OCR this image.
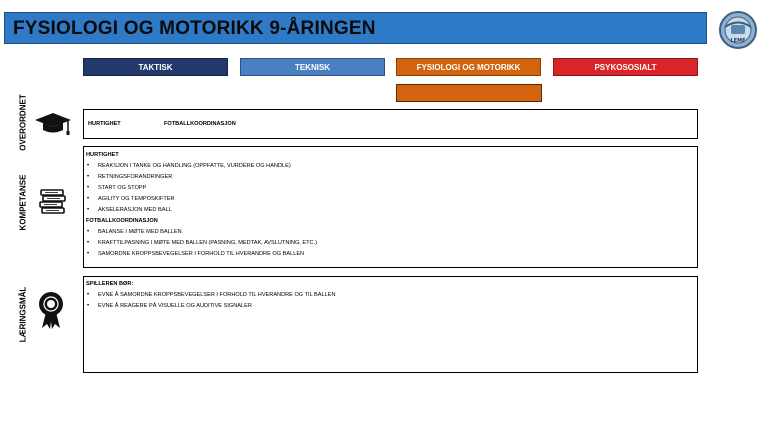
FYSIOLOGI OG MOTORIKK 9-ÅRINGEN
LEMF
TAKTISK	TEKNISK	FYSIOLOGI OG MOTORIKK	PSYKOSOSIALT
OVERORDNET
KOMPETANSE
LÆRINGSMÅL
HURTIGHET	FOTBALLKOORDINASJON
HURTIGHET
• REAKSJON I TANKE OG HANDLING (OPPFATTE, VURDERE OG HANDLE)
• RETNINGSFORANDRINGER
• START OG STOPP
• AGILITY OG TEMPOSKIFTER
• AKSELERASJON MED BALL
FOTBALLKOORDINASJON
• BALANSE I MØTE MED BALLEN
• KRAFTTILPASNING I MØTE MED BALLEN (PASNING, MEDTAK, AVSLUTNING, ETC.)
• SAMORDNE KROPPSBEVEGELSER I FORHOLD TIL HVERANDRE OG BALLEN
SPILLEREN BØR:
• EVNE Å SAMORDNE KROPPSBEVEGELSER I FORHOLD TIL HVERANDRE OG TIL BALLEN
• EVNE Å REAGERE PÅ VISUELLE OG AUDITIVE SIGNALER
